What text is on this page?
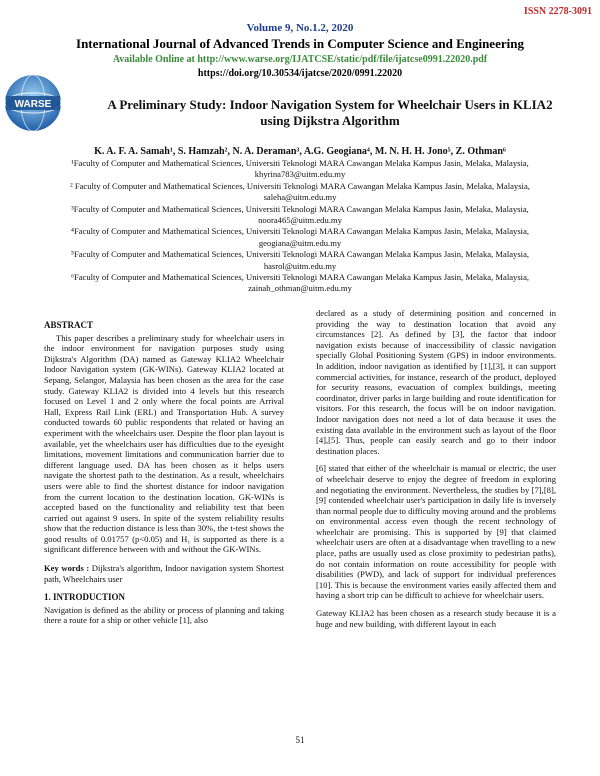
ISSN 2278-3091
Volume 9, No.1.2, 2020
International Journal of Advanced Trends in Computer Science and Engineering
Available Online at http://www.warse.org/IJATCSE/static/pdf/file/ijatcse0991.22020.pdf
https://doi.org/10.30534/ijatcse/2020/0991.22020
WARSE	A Preliminary Study: Indoor Navigation System for Wheelchair Users in KLIA2
using Dijkstra Algorithm
K. A. F. A. Samah¹, S. Hamzah², N. A. Deraman³, A.G. Geogiana⁴, M. N. H. H. Jono⁵, Z. Othman⁶
¹Faculty of Computer and Mathematical Sciences, Universiti Teknologi MARA Cawangan Melaka Kampus Jasin, Melaka, Malaysia, khyrina783@uitm.edu.my
² Faculty of Computer and Mathematical Sciences, Universiti Teknologi MARA Cawangan Melaka Kampus Jasin, Melaka, Malaysia, saleha@uitm.edu.my
³Faculty of Computer and Mathematical Sciences, Universiti Teknologi MARA Cawangan Melaka Kampus Jasin, Melaka, Malaysia, noora465@uitm.edu.my
⁴Faculty of Computer and Mathematical Sciences, Universiti Teknologi MARA Cawangan Melaka Kampus Jasin, Melaka, Malaysia, geogiana@uitm.edu.my
⁵Faculty of Computer and Mathematical Sciences, Universiti Teknologi MARA Cawangan Melaka Kampus Jasin, Melaka, Malaysia, hasrol@uitm.edu.my
⁶Faculty of Computer and Mathematical Sciences, Universiti Teknologi MARA Cawangan Melaka Kampus Jasin, Melaka, Malaysia, zainab_othman@uitm.edu.my
ABSTRACT

This paper describes a preliminary study for wheelchair users in the indoor environment for navigation purposes study using Dijkstra's Algorithm (DA) named as Gateway KLIA2 Wheelchair Indoor Navigation system (GK-WINs). Gateway KLIA2 located at Sepang, Selangor, Malaysia has been chosen as the area for the case study. Gateway KLIA2 is divided into 4 levels but this research focused on Level 1 and 2 only where the focal points are Arrival Hall, Express Rail Link (ERL) and Transportation Hub. A survey conducted towards 60 public respondents that related or having an experiment with the wheelchairs user. Despite the floor plan layout is available, yet the wheelchairs user has difficulties due to the eyesight limitations, movement limitations and communication barrier due to different language used. DA has been chosen as it helps users navigate the shortest path to the destination. As a result, wheelchairs users were able to find the shortest distance for indoor navigation from the current location to the destination location. GK-WINs is accepted based on the functionality and reliability test that been carried out against 9 users. In spite of the system reliability results show that the reduction distance is less than 30%, the t-test shows the good results of 0.01757 (p<0.05) and H₁ is supported as there is a significant difference between with and without the GK-WINs.

Key words : Dijkstra's algorithm, Indoor navigation system Shortest path, Wheelchairs user
1. INTRODUCTION

Navigation is defined as the ability or process of planning and taking there a route for a ship or other vehicle [1], also

declared as a study of determining position and concerned in providing the way to destination location that avoid any circumstances [2]. As defined by [3], the factor that indoor navigation exists because of inaccessibility of classic navigation specially Global Positioning System (GPS) in indoor environments. In addition, indoor navigation as identified by [1],[3], it can support commercial activities, for instance, research of the product, deployed for security reasons, evacuation of complex buildings, meeting coordinator, driver parks in large building and route identification for visitors. For this research, the focus will be on indoor navigation. Indoor navigation does not need a lot of data because it uses the existing data available in the environment such as layout of the floor [4],[5]. Thus, people can easily search and go to their indoor destination places.

[6] stated that either of the wheelchair is manual or electric, the user of wheelchair deserve to enjoy the degree of freedom in exploring and negotiating the environment. Nevertheless, the studies by [7],[8],[9] contended wheelchair user's participation in daily life is inversely than normal people due to difficulty moving around and the problems on environmental access even though the recent technology of wheelchair are promising. This is supported by [9] that claimed wheelchair users are often at a disadvantage when travelling to a new place, paths are usually used as close proximity to pedestrian paths), do not contain information on route accessibility for people with disabilities (PWD), and lack of support for individual preferences [10]. This is because the environment varies easily affected them and having a short trip can be difficult to achieve for wheelchair users.

Gateway KLIA2 has been chosen as a research study because it is a huge and new building, with different layout in each

51
